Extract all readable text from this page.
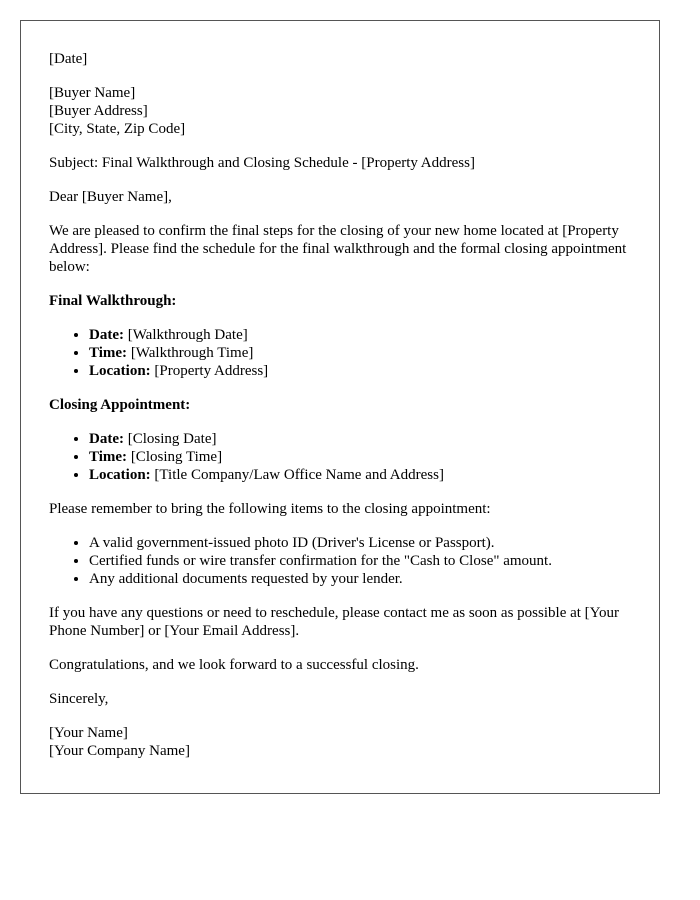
[Date]

[Buyer Name]
[Buyer Address]
[City, State, Zip Code]

Subject: Final Walkthrough and Closing Schedule - [Property Address]

Dear [Buyer Name],

We are pleased to confirm the final steps for the closing of your new home located at [Property Address]. Please find the schedule for the final walkthrough and the formal closing appointment below:

Final Walkthrough:

• Date: [Walkthrough Date]
• Time: [Walkthrough Time]
• Location: [Property Address]

Closing Appointment:

• Date: [Closing Date]
• Time: [Closing Time]
• Location: [Title Company/Law Office Name and Address]

Please remember to bring the following items to the closing appointment:

• A valid government-issued photo ID (Driver's License or Passport).
• Certified funds or wire transfer confirmation for the "Cash to Close" amount.
• Any additional documents requested by your lender.

If you have any questions or need to reschedule, please contact me as soon as possible at [Your Phone Number] or [Your Email Address].

Congratulations, and we look forward to a successful closing.

Sincerely,

[Your Name]
[Your Company Name]
